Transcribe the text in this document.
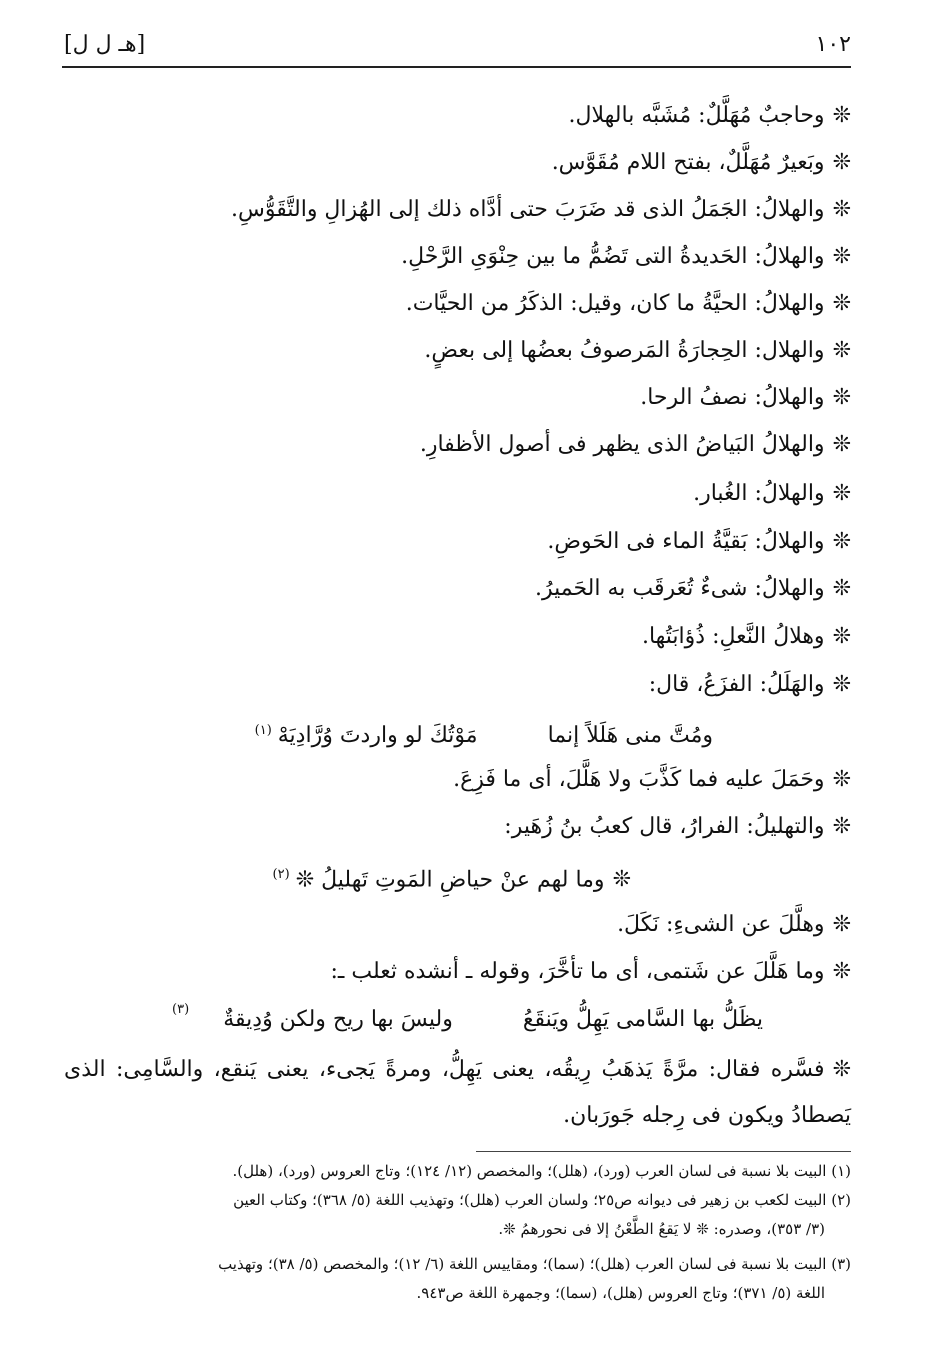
١٠٢
[هـ ل ل]
❊وحاجبٌ مُهَلَّلٌ: مُشَبَّه بالهلال.
❊وبَعيرٌ مُهَلَّلٌ، بفتح اللام مُقَوَّس.
❊والهلالُ: الجَمَلُ الذى قد ضَرَبَ حتى أدَّاه ذلك إلى الهُزالِ والتَّقَوُّسِ.
❊والهلالُ: الحَديدةُ التى تَضُمُّ ما بين حِنْوَىِ الرَّحْلِ.
❊والهلالُ: الحيَّةُ ما كان، وقيل: الذكَرُ من الحيَّات.
❊والهلال: الحِجارَةُ المَرصوفُ بعضُها إلى بعضٍ.
❊والهلالُ: نصفُ الرحا.
❊والهلالُ البَياضُ الذى يظهر فى أصول الأظفارِ.
❊والهلالُ: الغُبار.
❊والهلالُ: بَقيَّةُ الماء فى الحَوضِ.
❊والهلالُ: شىءٌ تُعَرقَب به الحَميرُ.
❊وهلالُ النَّعلِ: ذُؤابَتُها.
❊والهَلَلُ: الفزَعُ، قال:
ومُتَّ منى هَلَلاً إنمامَوْتُكَ لو واردتَ وُرَّادِيَهْ$^{(١)}$
❊وحَمَلَ عليه فما كَذَّبَ ولا هَلَّلَ، أى ما فَزِعَ.
❊والتهليلُ: الفرارُ، قال كعبُ بنُ زُهَير:
❊وما لهم عنْ حياضِ المَوتِ تَهليلُ ❊$^{(٢)}$
❊وهلَّلَ عن الشىءِ: نَكَلَ.
❊وما هَلَّلَ عن شَتمى، أى ما تأخَّرَ، وقوله ـ أنشده ثعلب ـ:
يظَلُّ بها السَّامى يَهِلُّ ويَنقَعُوليسَ بها ريح ولكن وُدِيقةٌ
(٣)
❊فسَّره فقال: مرَّةً يَذهَبُ رِيقُه، يعنى يَهِلُّ، ومرةً يَجىء، يعنى يَنقع، والسَّامِى: الذى
يَصطادُ ويكون فى رِجله جَورَبان.
(١) البيت بلا نسبة فى لسان العرب (ورد)، (هلل)؛ والمخصص (١٢/ ١٢٤)؛ وتاج العروس (ورد)، (هلل).
(٢) البيت لكعب بن زهير فى ديوانه ص٢٥؛ ولسان العرب (هلل)؛ وتهذيب اللغة (٥/ ٣٦٨)؛ وكتاب العين
(٣/ ٣٥٣)، وصدره: ❊ لا يَقعُ الطَّعْنُ إلا فى نحورهمُ ❊.
(٣) البيت بلا نسبة فى لسان العرب (هلل)؛ (سما)؛ ومقاييس اللغة (٦/ ١٢)؛ والمخصص (٥/ ٣٨)؛ وتهذيب
اللغة (٥/ ٣٧١)؛ وتاج العروس (هلل)، (سما)؛ وجمهرة اللغة ص٩٤٣.
